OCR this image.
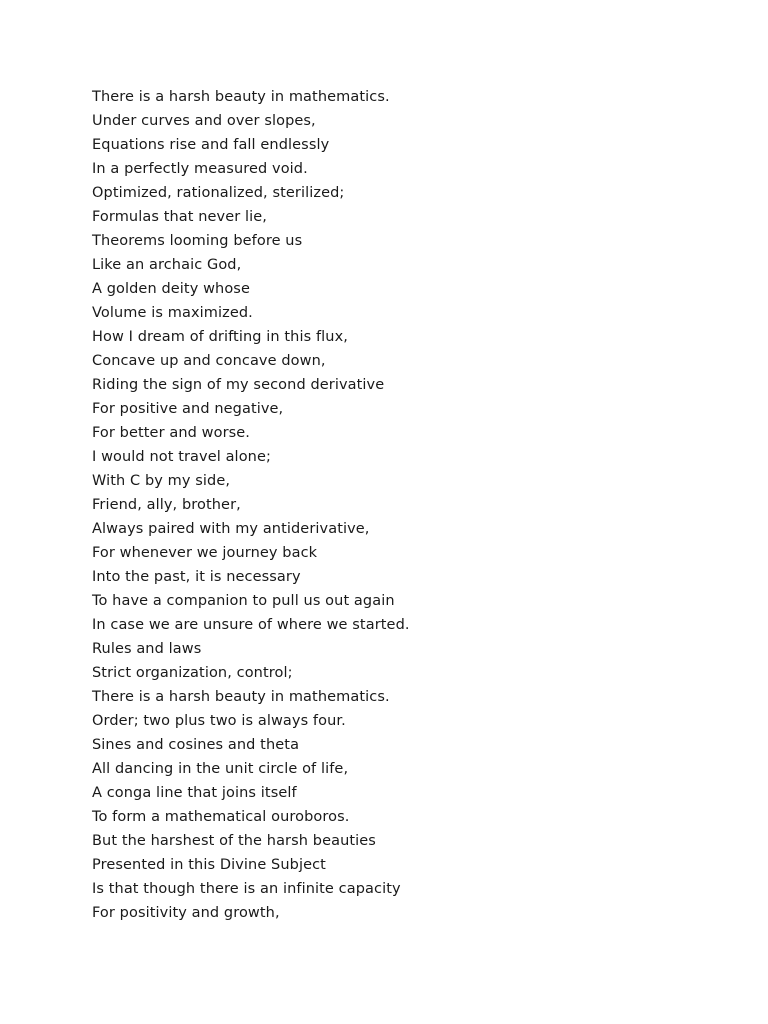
There is a harsh beauty in mathematics.
Under curves and over slopes,
Equations rise and fall endlessly
In a perfectly measured void.
Optimized, rationalized, sterilized;
Formulas that never lie,
Theorems looming before us
Like an archaic God,
A golden deity whose
Volume is maximized.
How I dream of drifting in this flux,
Concave up and concave down,
Riding the sign of my second derivative
For positive and negative,
For better and worse.
I would not travel alone;
With C by my side,
Friend, ally, brother,
Always paired with my antiderivative,
For whenever we journey back
Into the past, it is necessary
To have a companion to pull us out again
In case we are unsure of where we started.
Rules and laws
Strict organization, control;
There is a harsh beauty in mathematics.
Order; two plus two is always four.
Sines and cosines and theta
All dancing in the unit circle of life,
A conga line that joins itself
To form a mathematical ouroboros.
But the harshest of the harsh beauties
Presented in this Divine Subject
Is that though there is an infinite capacity
For positivity and growth,
